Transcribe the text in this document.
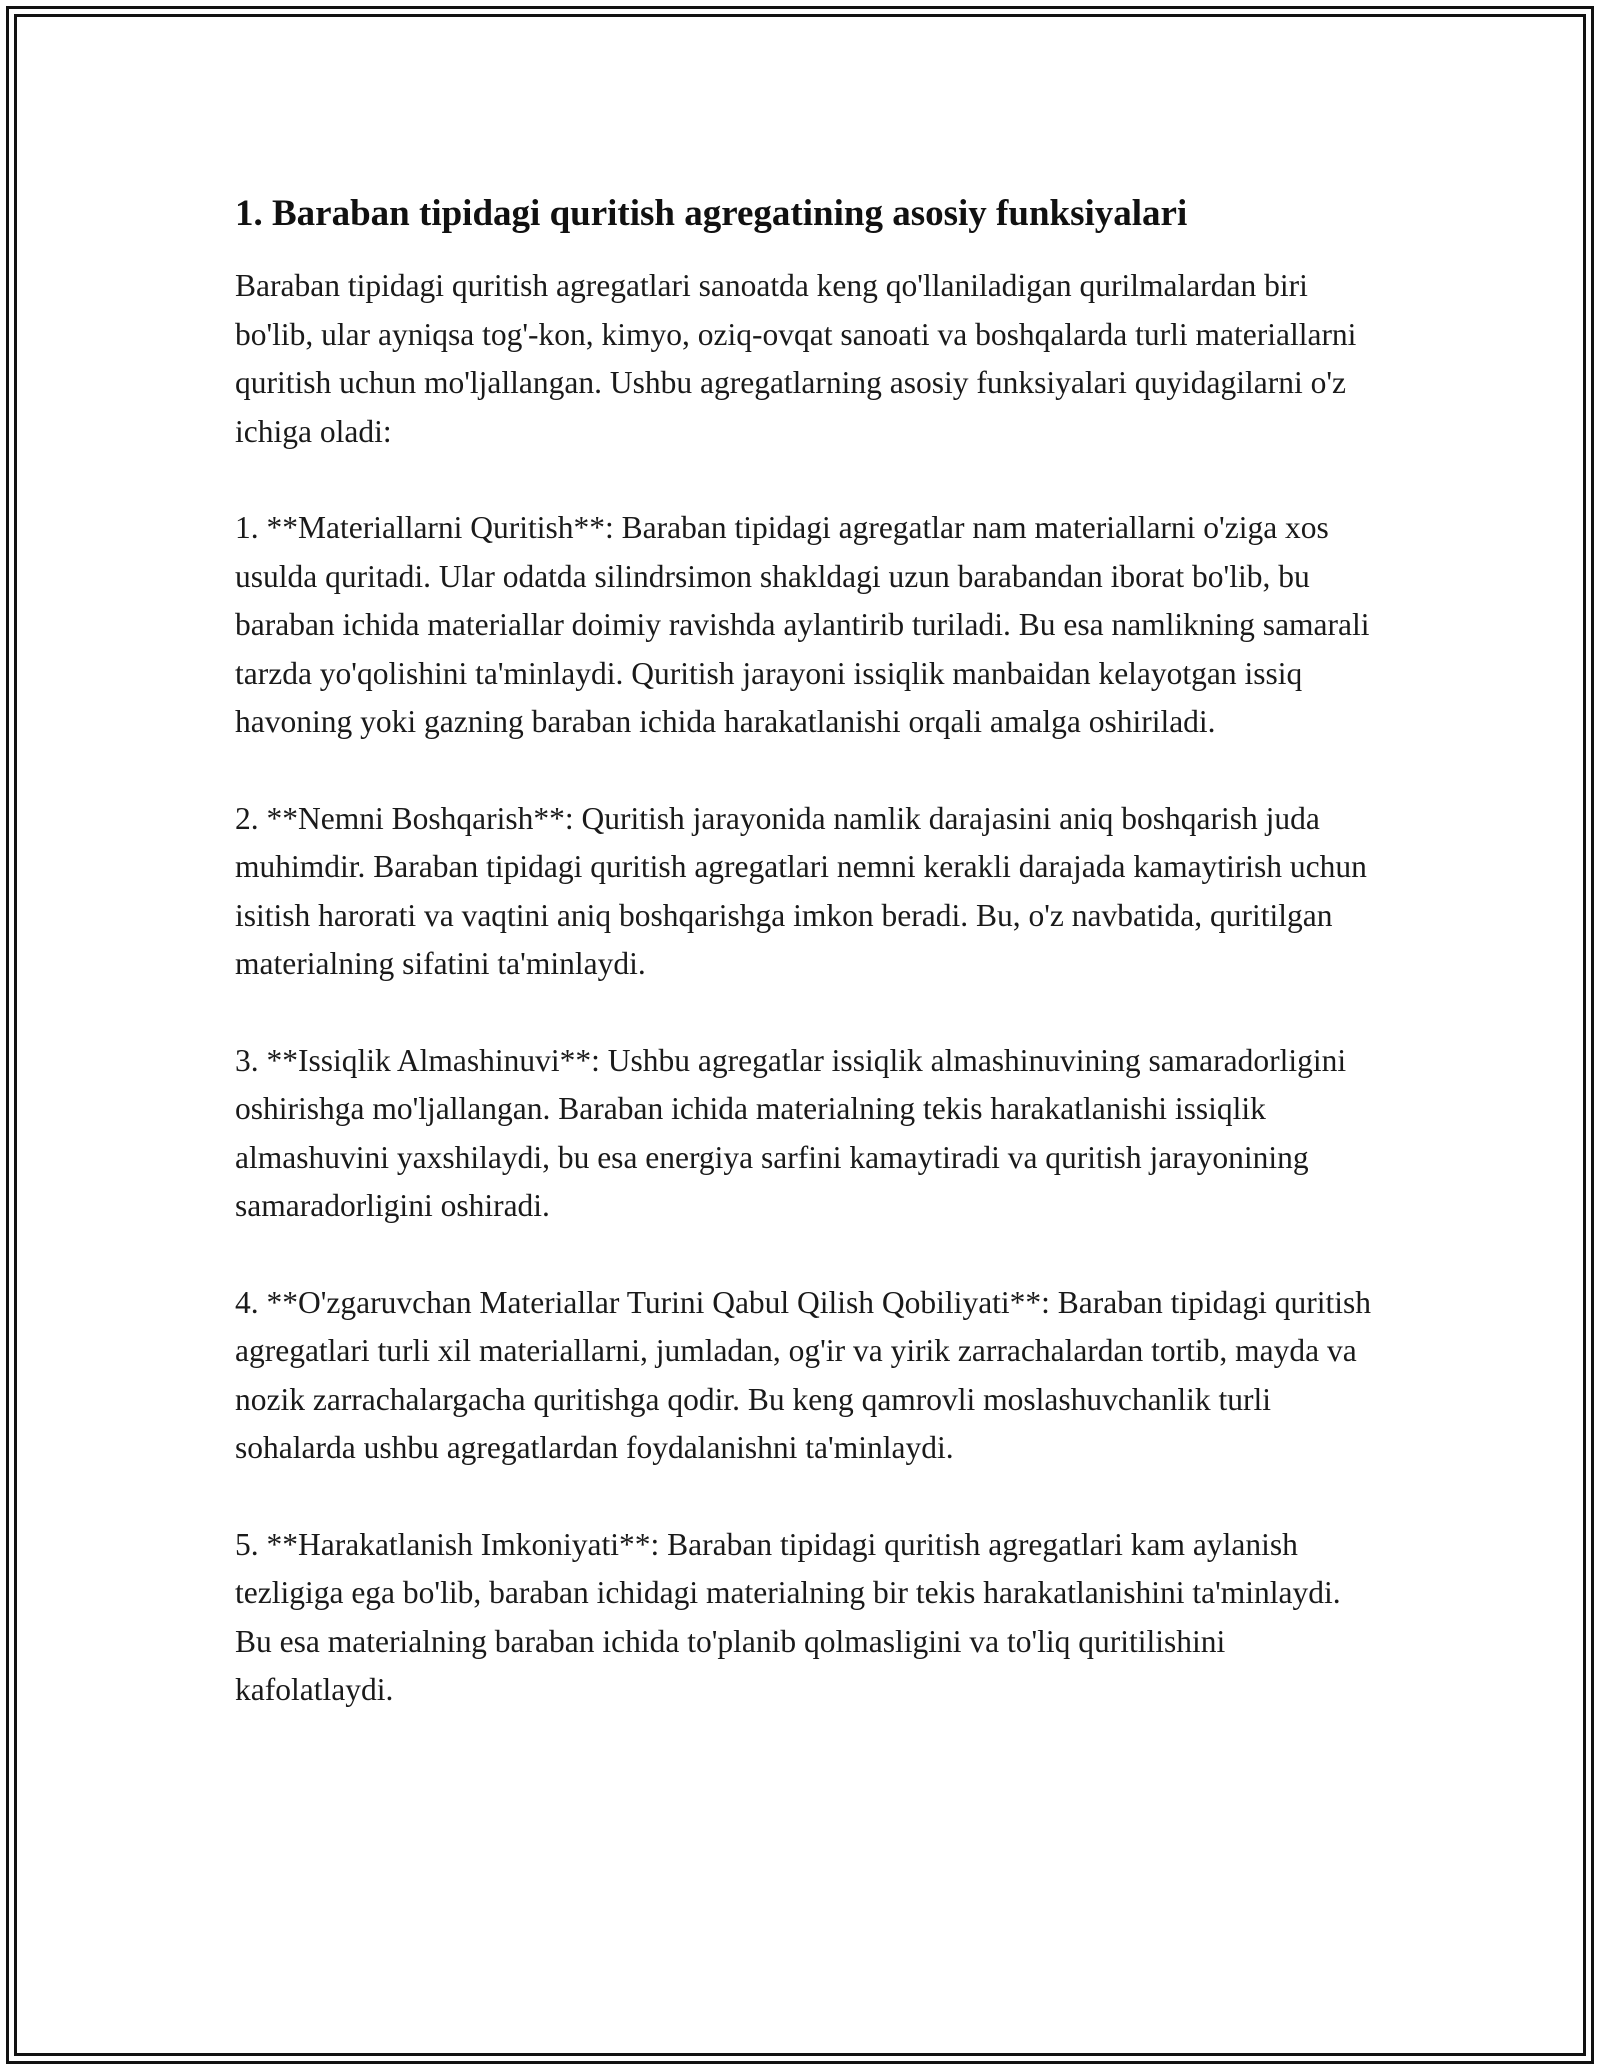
1. Baraban tipidagi quritish agregatining asosiy funksiyalari

Baraban tipidagi quritish agregatlari sanoatda keng qo'llaniladigan qurilmalardan biri bo'lib, ular ayniqsa tog'-kon, kimyo, oziq-ovqat sanoati va boshqalarda turli materiallarni quritish uchun mo'ljallangan. Ushbu agregatlarning asosiy funksiyalari quyidagilarni o'z ichiga oladi:

1. **Materiallarni Quritish**: Baraban tipidagi agregatlar nam materiallarni o'ziga xos usulda quritadi. Ular odatda silindrsimon shakldagi uzun barabandan iborat bo'lib, bu baraban ichida materiallar doimiy ravishda aylantirib turiladi. Bu esa namlikning samarali tarzda yo'qolishini ta'minlaydi. Quritish jarayoni issiqlik manbaidan kelayotgan issiq havoning yoki gazning baraban ichida harakatlanishi orqali amalga oshiriladi.

2. **Nemni Boshqarish**: Quritish jarayonida namlik darajasini aniq boshqarish juda muhimdir. Baraban tipidagi quritish agregatlari nemni kerakli darajada kamaytirish uchun isitish harorati va vaqtini aniq boshqarishga imkon beradi. Bu, o'z navbatida, quritilgan materialning sifatini ta'minlaydi.

3. **Issiqlik Almashinuvi**: Ushbu agregatlar issiqlik almashinuvining samaradorligini oshirishga mo'ljallangan. Baraban ichida materialning tekis harakatlanishi issiqlik almashuvini yaxshilaydi, bu esa energiya sarfini kamaytiradi va quritish jarayonining samaradorligini oshiradi.

4. **O'zgaruvchan Materiallar Turini Qabul Qilish Qobiliyati**: Baraban tipidagi quritish agregatlari turli xil materiallarni, jumladan, og'ir va yirik zarrachalardan tortib, mayda va nozik zarrachalargacha quritishga qodir. Bu keng qamrovli moslashuvchanlik turli sohalarda ushbu agregatlardan foydalanishni ta'minlaydi.

5. **Harakatlanish Imkoniyati**: Baraban tipidagi quritish agregatlari kam aylanish tezligiga ega bo'lib, baraban ichidagi materialning bir tekis harakatlanishini ta'minlaydi. Bu esa materialning baraban ichida to'planib qolmasligini va to'liq quritilishini kafolatlaydi.
